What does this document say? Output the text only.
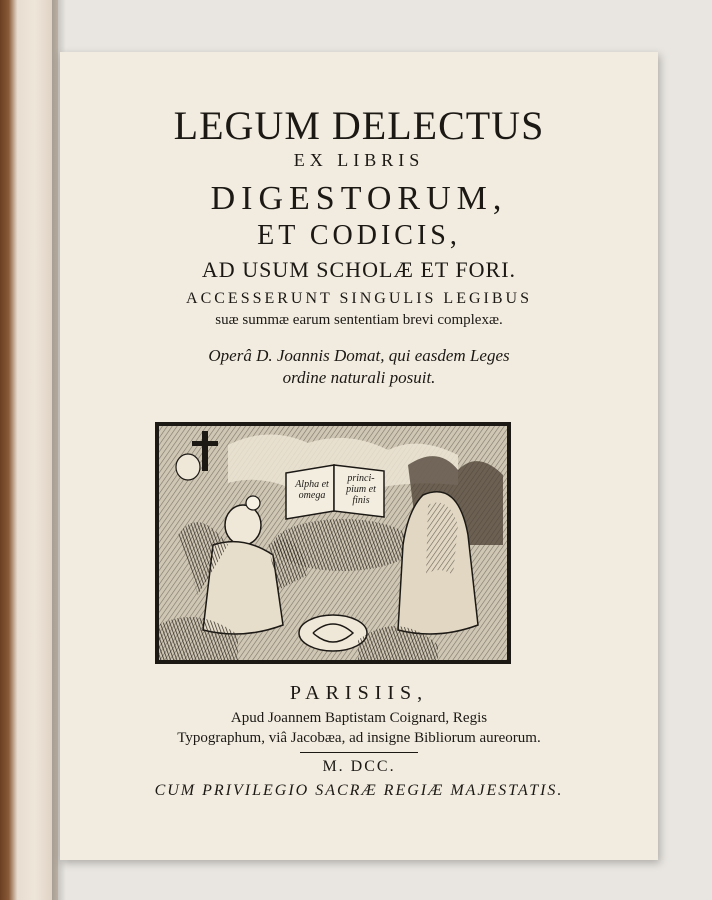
LEGUM DELECTUS
EX LIBRIS
DIGESTORUM,
ET CODICIS,
AD USUM SCHOLÆ ET FORI.
ACCESSERUNT SINGULIS LEGIBUS
suæ summæ earum sententiam brevi complexæ.
Operâ D. Joannis Domat, qui easdem Leges
ordine naturali posuit.
Alpha et omega
princi- pium et finis
PARISIIS,
Apud Joannem Baptistam Coignard, Regis
Typographum, viâ Jacobæa, ad insigne Bibliorum aureorum.
M. DCC.
CUM PRIVILEGIO SACRÆ REGIÆ MAJESTATIS.
